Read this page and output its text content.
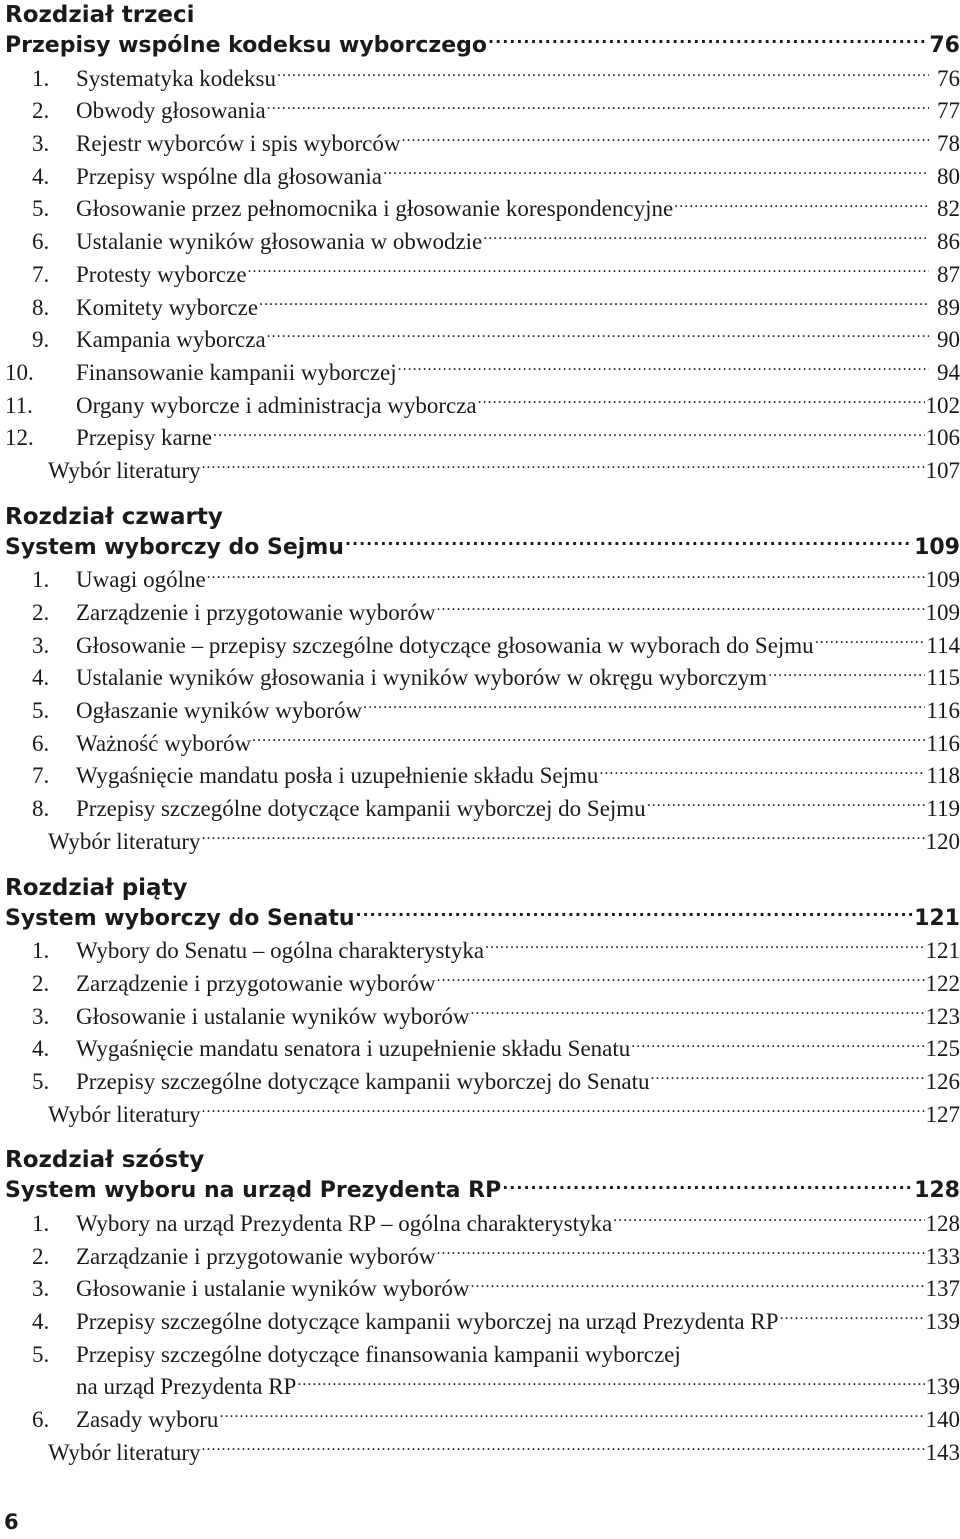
Rozdział trzeci
Przepisy wspólne kodeksu wyborczego .....	76
1.	Systematyka kodeksu .....	76
2.	Obwody głosowania .....	77
3.	Rejestr wyborców i spis wyborców .....	78
4.	Przepisy wspólne dla głosowania .....	80
5.	Głosowanie przez pełnomocnika i głosowanie korespondencyjne .....	82
6.	Ustalanie wyników głosowania w obwodzie .....	86
7.	Protesty wyborcze .....	87
8.	Komitety wyborcze .....	89
9.	Kampania wyborcza .....	90
10.	Finansowanie kampanii wyborczej .....	94
11.	Organy wyborcze i administracja wyborcza .....	102
12.	Przepisy karne .....	106
Wybór literatury .....	107
Rozdział czwarty
System wyborczy do Sejmu .....	109
1.	Uwagi ogólne .....	109
2.	Zarządzenie i przygotowanie wyborów .....	109
3.	Głosowanie – przepisy szczególne dotyczące głosowania w wyborach do Sejmu .....	114
4.	Ustalanie wyników głosowania i wyników wyborów w okręgu wyborczym .....	115
5.	Ogłaszanie wyników wyborów .....	116
6.	Ważność wyborów .....	116
7.	Wygaśnięcie mandatu posła i uzupełnienie składu Sejmu .....	118
8.	Przepisy szczególne dotyczące kampanii wyborczej do Sejmu .....	119
Wybór literatury .....	120
Rozdział piąty
System wyborczy do Senatu .....	121
1.	Wybory do Senatu – ogólna charakterystyka .....	121
2.	Zarządzenie i przygotowanie wyborów .....	122
3.	Głosowanie i ustalanie wyników wyborów .....	123
4.	Wygaśnięcie mandatu senatora i uzupełnienie składu Senatu .....	125
5.	Przepisy szczególne dotyczące kampanii wyborczej do Senatu .....	126
Wybór literatury .....	127
Rozdział szósty
System wyboru na urząd Prezydenta RP .....	128
1.	Wybory na urząd Prezydenta RP – ogólna charakterystyka .....	128
2.	Zarządzanie i przygotowanie wyborów .....	133
3.	Głosowanie i ustalanie wyników wyborów .....	137
4.	Przepisy szczególne dotyczące kampanii wyborczej na urząd Prezydenta RP .....	139
5.	Przepisy szczególne dotyczące finansowania kampanii wyborczej
na urząd Prezydenta RP .....	139
6.	Zasady wyboru .....	140
Wybór literatury .....	143
6
